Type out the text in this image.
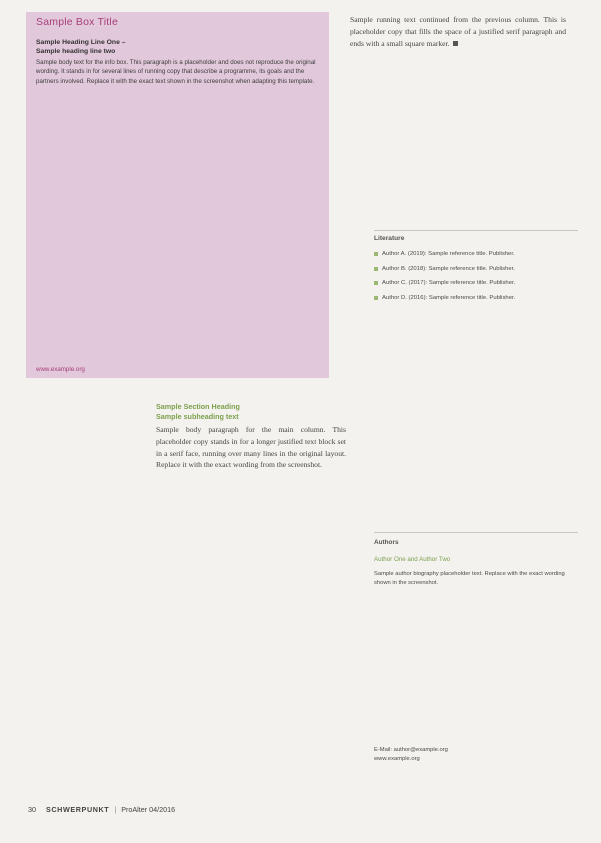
Sample Box Title
Sample Heading Line One –
Sample heading line two
Sample body text for the info box. This paragraph is a placeholder and does not reproduce the original wording. It stands in for several lines of running copy that describe a programme, its goals and the partners involved. Replace it with the exact text shown in the screenshot when adapting this template.
www.example.org
Sample running text continued from the previous column. This is placeholder copy that fills the space of a justified serif paragraph and ends with a small square marker.
Literature
Author A. (2019): Sample reference title. Publisher.
Author B. (2018): Sample reference title. Publisher.
Author C. (2017): Sample reference title. Publisher.
Author D. (2016): Sample reference title. Publisher.
Sample Section Heading
Sample subheading text
Sample body paragraph for the main column. This placeholder copy stands in for a longer justified text block set in a serif face, running over many lines in the original layout. Replace it with the exact wording from the screenshot.
Authors
Author One and Author Two
Sample author biography placeholder text. Replace with the exact wording shown in the screenshot.
E-Mail: author@example.org
www.example.org
30 SCHWERPUNKT | ProAlter 04/2016
